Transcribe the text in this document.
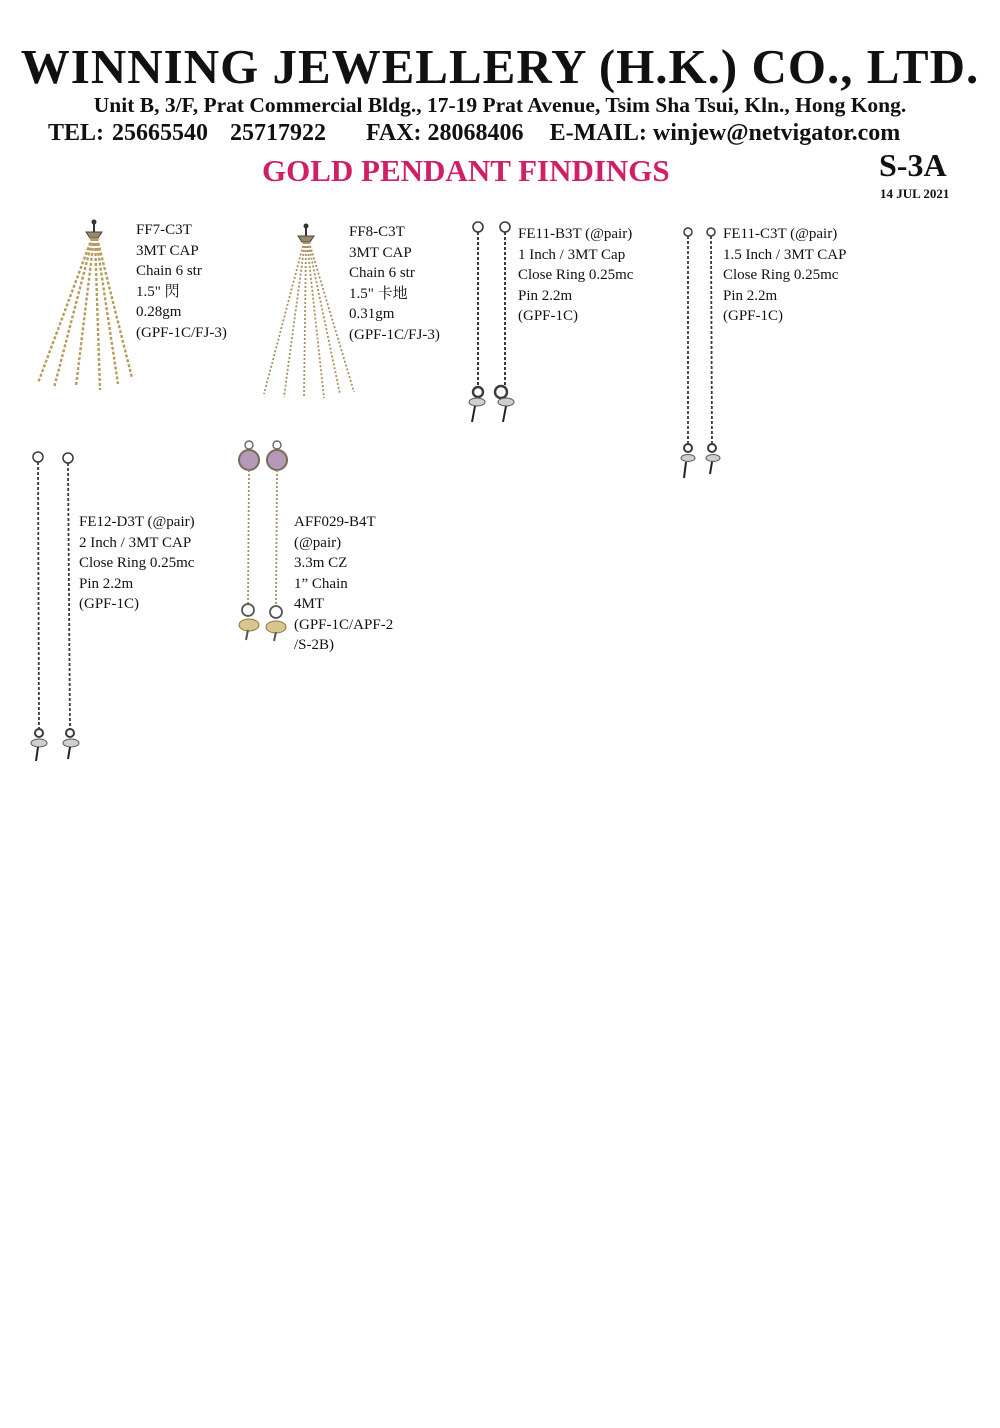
WINNING JEWELLERY (H.K.) CO., LTD.
Unit B, 3/F, Prat Commercial Bldg., 17-19 Prat Avenue, Tsim Sha Tsui, Kln., Hong Kong.
TEL: 25665540 25717922 FAX: 28068406 E-MAIL: winjew@netvigator.com
GOLD PENDANT FINDINGS	S-3A
14 JUL 2021
FF7-C3T
3MT CAP
Chain 6 str
1.5" 閃
0.28gm
(GPF-1C/FJ-3)
FF8-C3T
3MT CAP
Chain 6 str
1.5" 卡地
0.31gm
(GPF-1C/FJ-3)
FE11-B3T (@pair)
1 Inch / 3MT Cap
Close Ring 0.25mc
Pin 2.2m
(GPF-1C)
FE11-C3T (@pair)
1.5 Inch / 3MT CAP
Close Ring 0.25mc
Pin 2.2m
(GPF-1C)
FE12-D3T (@pair)
2 Inch / 3MT CAP
Close Ring 0.25mc
Pin 2.2m
(GPF-1C)
AFF029-B4T
(@pair)
3.3m CZ
1” Chain
4MT
(GPF-1C/APF-2
/S-2B)
